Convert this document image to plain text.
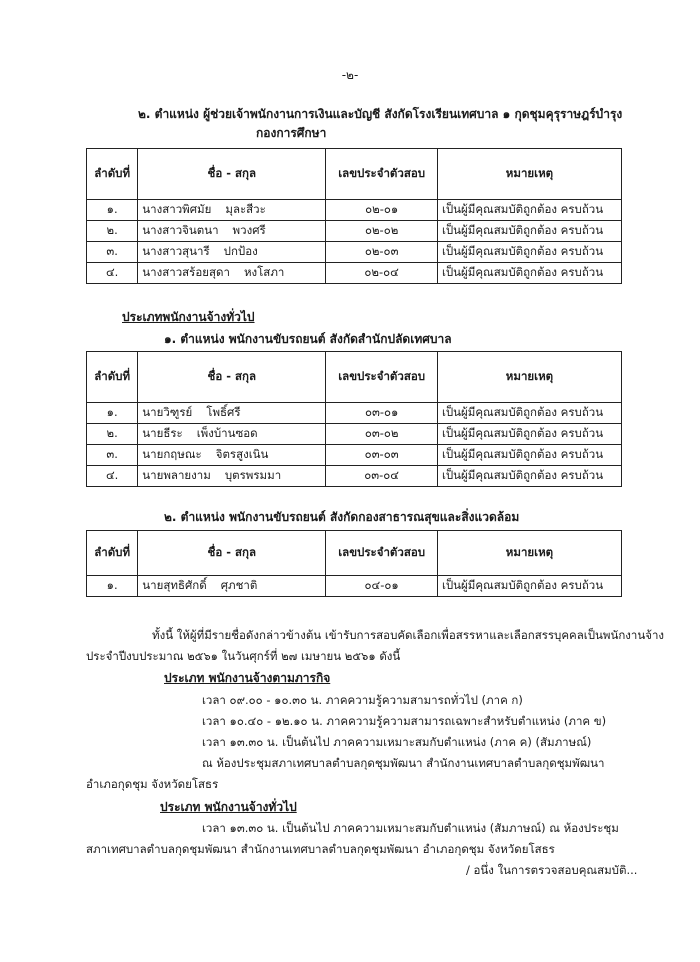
-๒-
๒. ตำแหน่ง ผู้ช่วยเจ้าพนักงานการเงินและบัญชี สังกัดโรงเรียนเทศบาล ๑ กุดชุมคุรุราษฎร์บำรุง
กองการศึกษา
ลำดับที่	ชื่อ - สกุล	เลขประจำตัวสอบ	หมายเหตุ
๑.	นางสาวพิศมัย มุละสีวะ	๐๒-๐๑	เป็นผู้มีคุณสมบัติถูกต้อง ครบถ้วน
๒.	นางสาวจินตนา พวงศรี	๐๒-๐๒	เป็นผู้มีคุณสมบัติถูกต้อง ครบถ้วน
๓.	นางสาวสุนารี ปกป้อง	๐๒-๐๓	เป็นผู้มีคุณสมบัติถูกต้อง ครบถ้วน
๔.	นางสาวสร้อยสุดา หงโสภา	๐๒-๐๔	เป็นผู้มีคุณสมบัติถูกต้อง ครบถ้วน
ประเภทพนักงานจ้างทั่วไป
๑. ตำแหน่ง พนักงานขับรถยนต์ สังกัดสำนักปลัดเทศบาล
ลำดับที่	ชื่อ - สกุล	เลขประจำตัวสอบ	หมายเหตุ
๑.	นายวิฑูรย์ โพธิ์ศรี	๐๓-๐๑	เป็นผู้มีคุณสมบัติถูกต้อง ครบถ้วน
๒.	นายธีระ เพ็งบ้านซอด	๐๓-๐๒	เป็นผู้มีคุณสมบัติถูกต้อง ครบถ้วน
๓.	นายกฤษณะ จิตรสูงเนิน	๐๓-๐๓	เป็นผู้มีคุณสมบัติถูกต้อง ครบถ้วน
๔.	นายพลายงาม บุตรพรมมา	๐๓-๐๔	เป็นผู้มีคุณสมบัติถูกต้อง ครบถ้วน
๒. ตำแหน่ง พนักงานขับรถยนต์ สังกัดกองสาธารณสุขและสิ่งแวดล้อม
ลำดับที่	ชื่อ - สกุล	เลขประจำตัวสอบ	หมายเหตุ
๑.	นายสุทธิศักดิ์ ศุภชาติ	๐๔-๐๑	เป็นผู้มีคุณสมบัติถูกต้อง ครบถ้วน
ทั้งนี้ ให้ผู้ที่มีรายชื่อดังกล่าวข้างต้น เข้ารับการสอบคัดเลือกเพื่อสรรหาและเลือกสรรบุคคลเป็นพนักงานจ้าง
ประจำปีงบประมาณ ๒๕๖๑ ในวันศุกร์ที่ ๒๗ เมษายน ๒๕๖๑ ดังนี้
ประเภท พนักงานจ้างตามภารกิจ
เวลา ๐๙.๐๐ - ๑๐.๓๐ น. ภาคความรู้ความสามารถทั่วไป (ภาค ก)
เวลา ๑๐.๔๐ - ๑๒.๑๐ น. ภาคความรู้ความสามารถเฉพาะสำหรับตำแหน่ง (ภาค ข)
เวลา ๑๓.๓๐ น. เป็นต้นไป ภาคความเหมาะสมกับตำแหน่ง (ภาค ค) (สัมภาษณ์)
ณ ห้องประชุมสภาเทศบาลตำบลกุดชุมพัฒนา สำนักงานเทศบาลตำบลกุดชุมพัฒนา
อำเภอกุดชุม จังหวัดยโสธร
ประเภท พนักงานจ้างทั่วไป
เวลา ๑๓.๓๐ น. เป็นต้นไป ภาคความเหมาะสมกับตำแหน่ง (สัมภาษณ์) ณ ห้องประชุม
สภาเทศบาลตำบลกุดชุมพัฒนา สำนักงานเทศบาลตำบลกุดชุมพัฒนา อำเภอกุดชุม จังหวัดยโสธร
/ อนึ่ง ในการตรวจสอบคุณสมบัติ...
